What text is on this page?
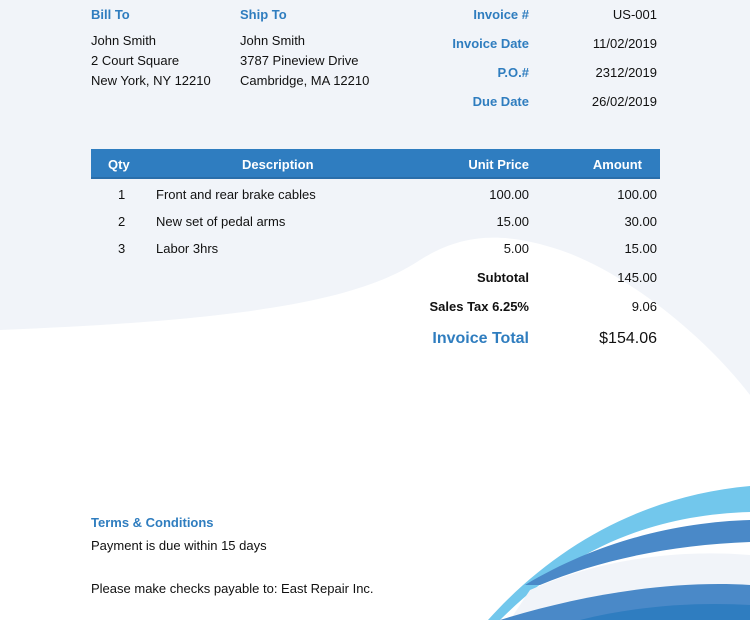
Bill To
John Smith
2 Court Square
New York, NY 12210
Ship To
John Smith
3787 Pineview Drive
Cambridge, MA 12210
Invoice #	US-001
Invoice Date	11/02/2019
P.O.#	2312/2019
Due Date	26/02/2019
Qty	Description	Unit Price	Amount
1 Front and rear brake cables	100.00	100.00
2 New set of pedal arms	15.00	30.00
3 Labor 3hrs	5.00	15.00
Subtotal	145.00
Sales Tax 6.25%	9.06
Invoice Total	$154.06
Terms & Conditions
Payment is due within 15 days
Please make checks payable to: East Repair Inc.
